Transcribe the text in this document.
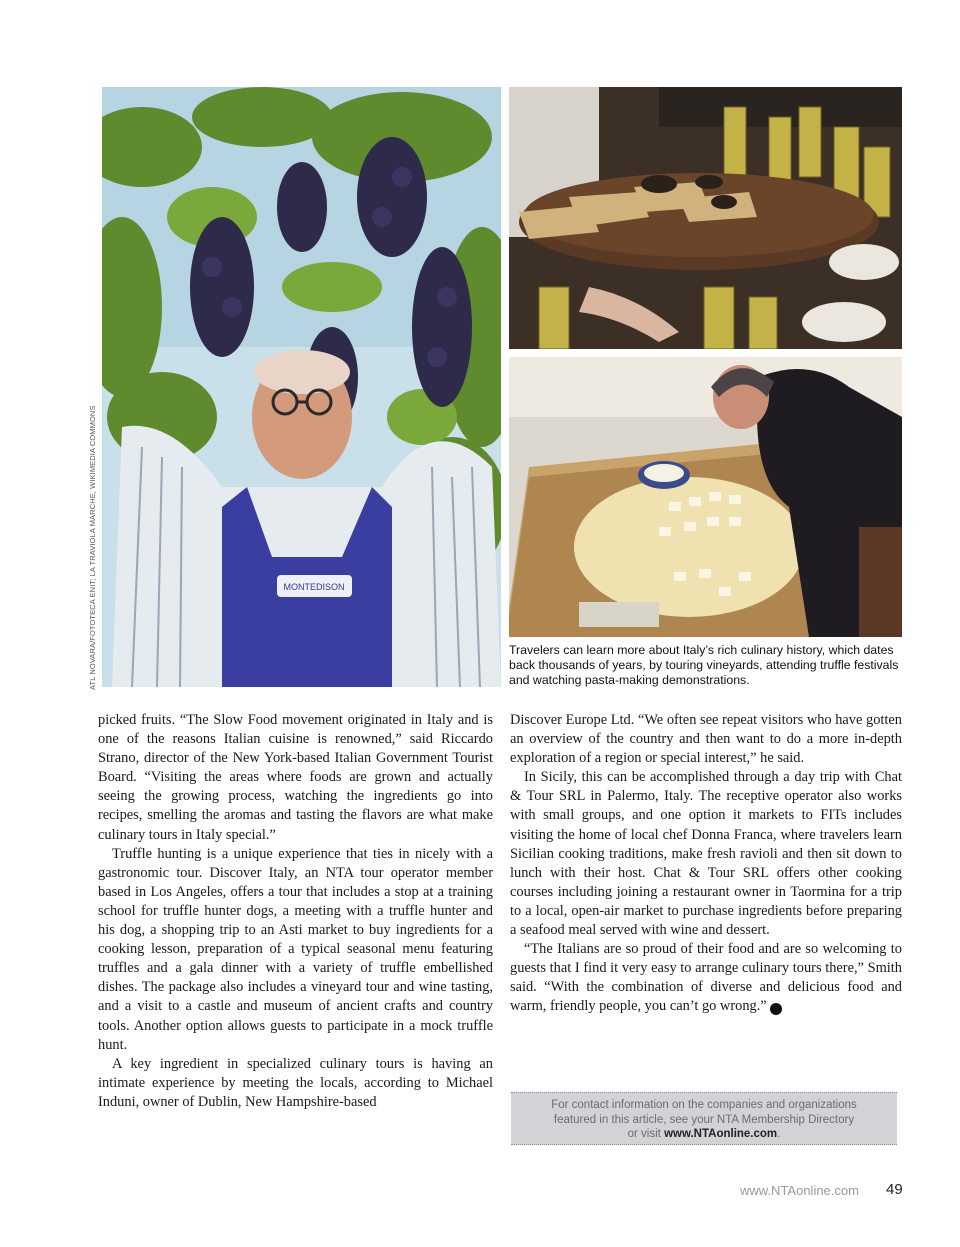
MONTEDISON
ATL NOVARA/FOTOTECA ENIT; LA TRAVIOLA MARCHE, WIKIMEDIA COMMONS	Travelers can learn more about Italy’s rich culinary history, which dates back thousands of years, by touring vineyards, attending truffle festivals and watching pasta-making demonstrations.

picked fruits. “The Slow Food movement originated in Italy and is one of the reasons Italian cuisine is renowned,” said Riccardo Strano, director of the New York-based Italian Government Tourist Board. “Visiting the areas where foods are grown and actually seeing the growing process, watching the ingredients go into recipes, smelling the aromas and tasting the flavors are what make culinary tours in Italy special.”

Truffle hunting is a unique experience that ties in nicely with a gastronomic tour. Discover Italy, an NTA tour operator member based in Los Angeles, offers a tour that includes a stop at a training school for truffle hunter dogs, a meeting with a truffle hunter and his dog, a shopping trip to an Asti market to buy ingredients for a cooking lesson, preparation of a typical seasonal menu featuring truffles and a gala dinner with a variety of truffle embellished dishes. The package also includes a vineyard tour and wine tasting, and a visit to a castle and museum of ancient crafts and country tools. Another option allows guests to participate in a mock truffle hunt.

A key ingredient in specialized culinary tours is having an intimate experience by meeting the locals, according to Michael Induni, owner of Dublin, New Hampshire-based

Discover Europe Ltd. “We often see repeat visitors who have gotten an overview of the country and then want to do a more in-depth exploration of a region or special interest,” he said.

In Sicily, this can be accomplished through a day trip with Chat & Tour SRL in Palermo, Italy. The receptive operator also works with small groups, and one option it markets to FITs includes visiting the home of local chef Donna Franca, where travelers learn Sicilian cooking traditions, make fresh ravioli and then sit down to lunch with their host. Chat & Tour SRL offers other cooking courses including joining a restaurant owner in Taormina for a trip to a local, open-air market to purchase ingredients before preparing a seafood meal served with wine and dessert.

“The Italians are so proud of their food and are so welcoming to guests that I find it very easy to arrange culinary tours there,” Smith said. “With the combination of diverse and delicious food and warm, friendly people, you can’t go wrong.” C

For contact information on the companies and organizations
featured in this article, see your NTA Membership Directory
or visit www.NTAonline.com.
www.NTAonline.com 49
